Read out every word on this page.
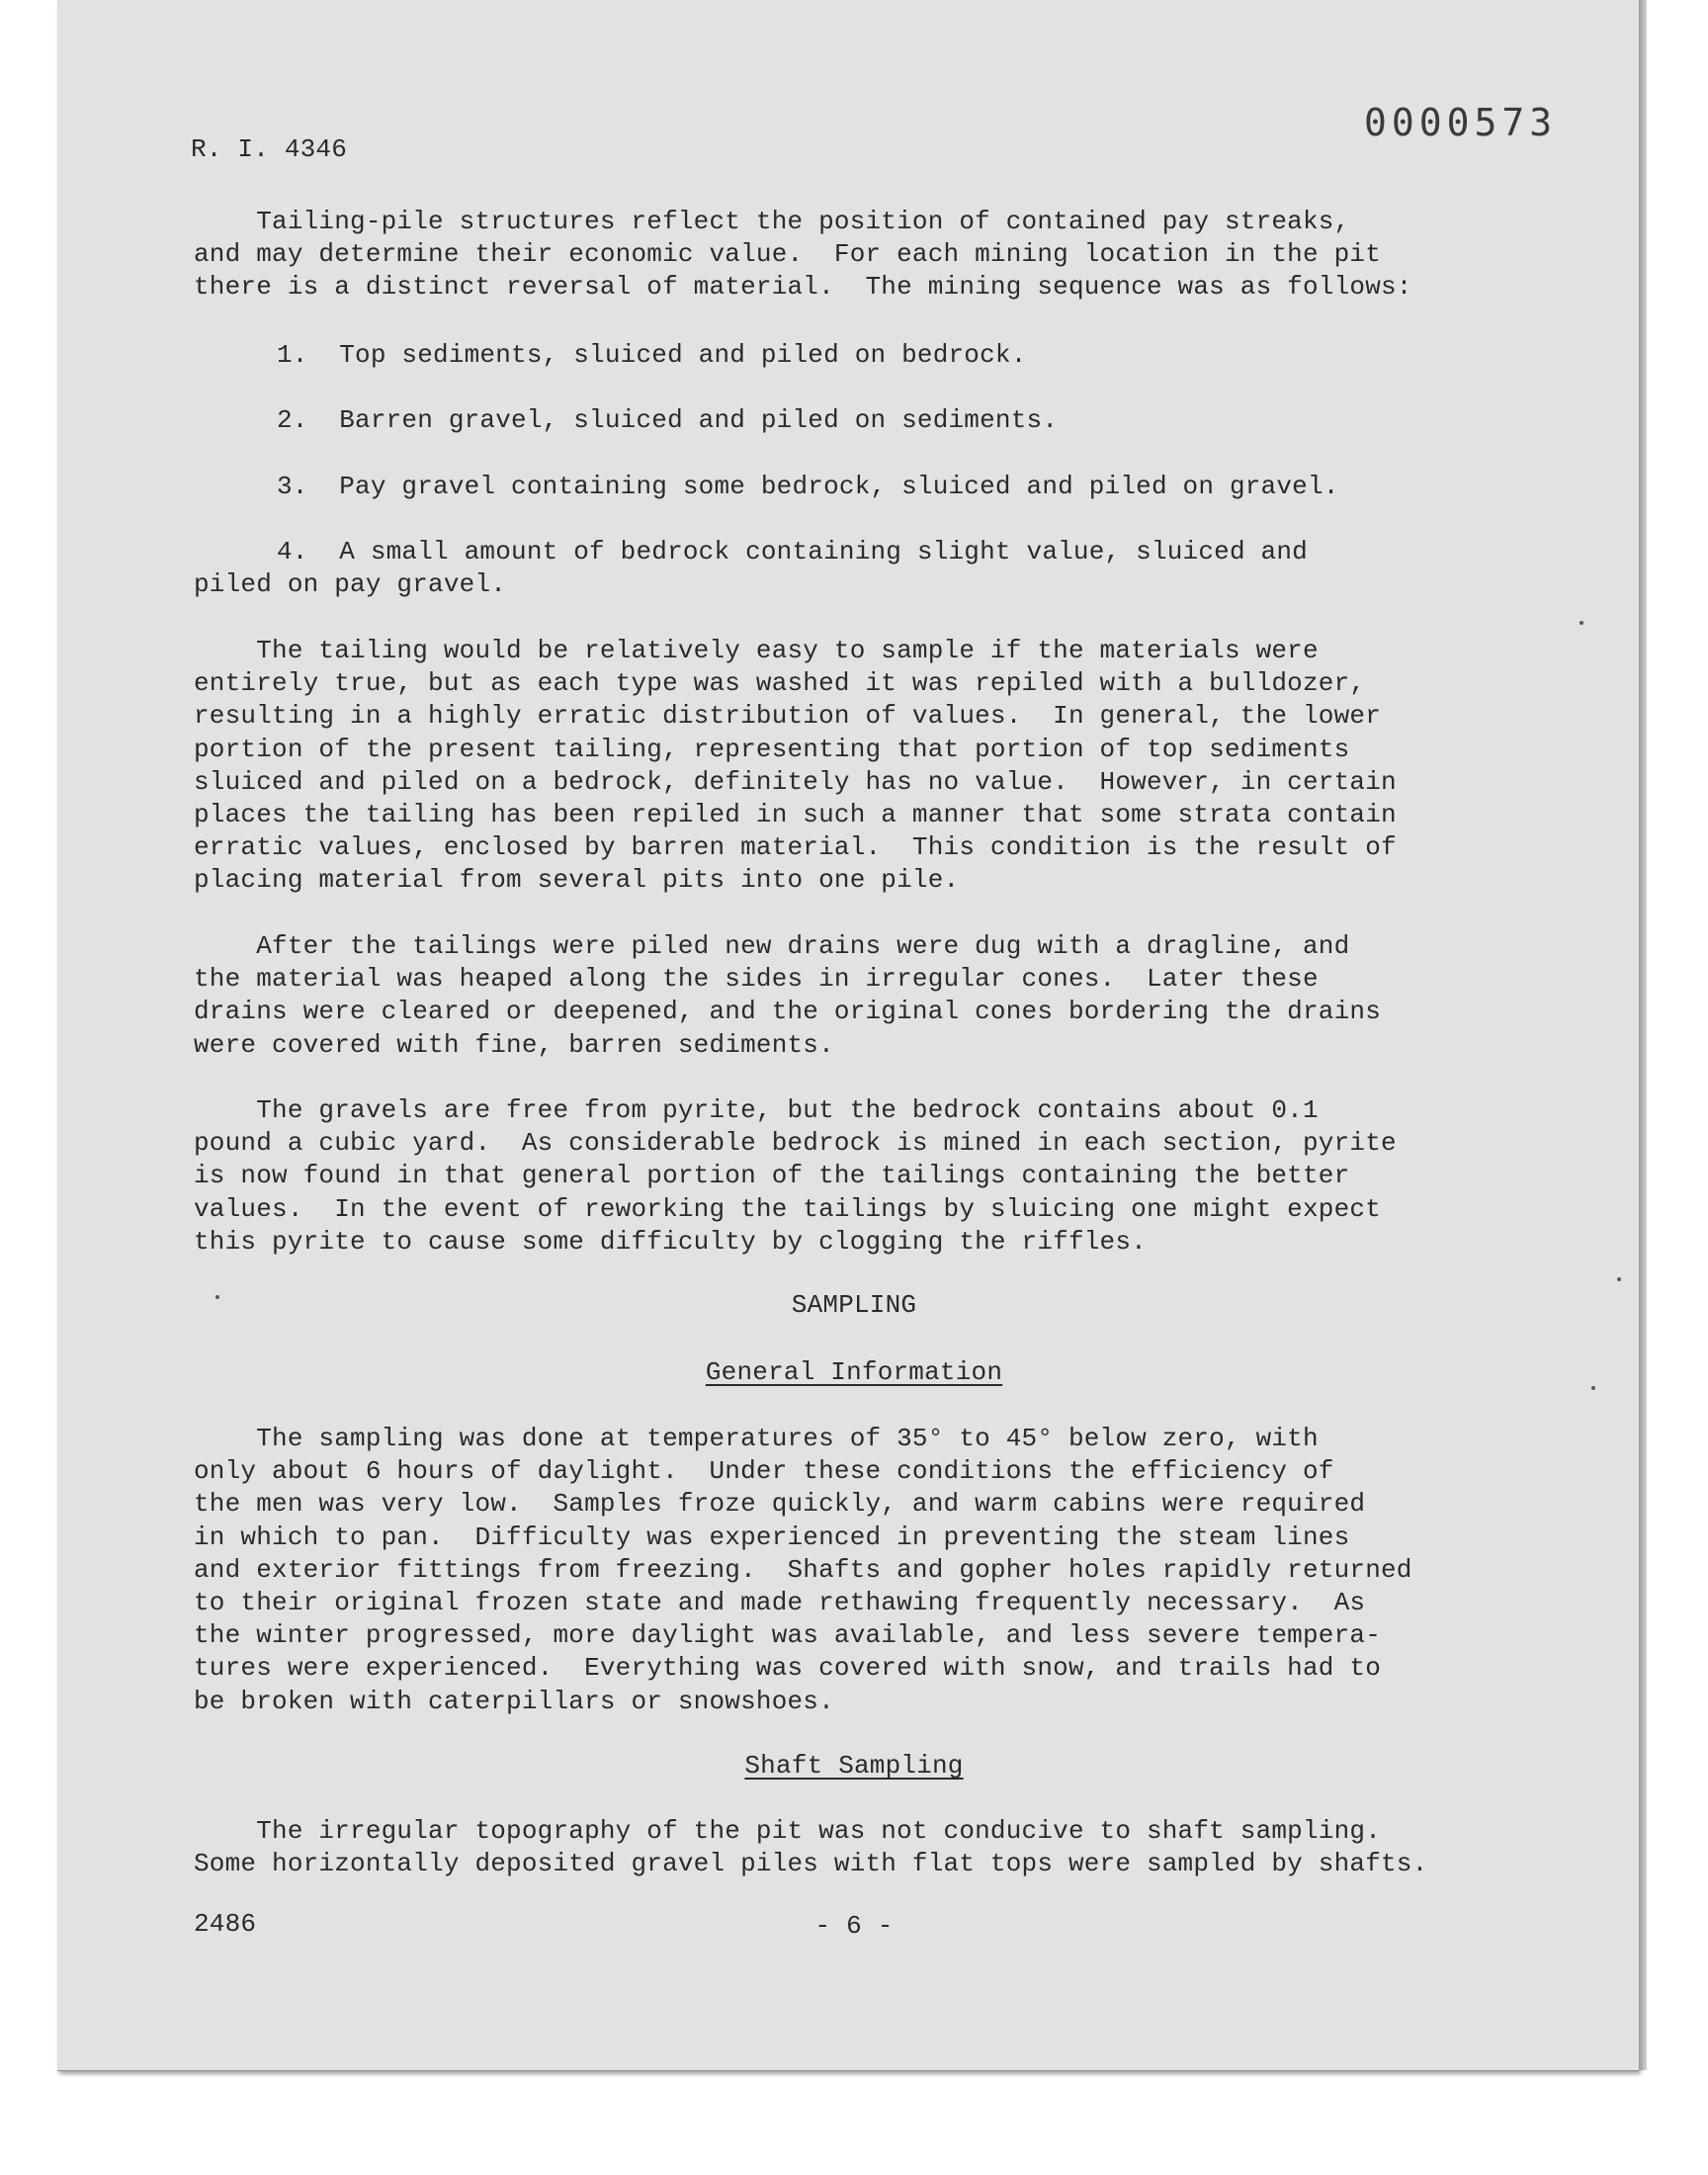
R. I. 4346
0000573
Tailing-pile structures reflect the position of contained pay streaks,
and may determine their economic value.  For each mining location in the pit
there is a distinct reversal of material.  The mining sequence was as follows:
1.  Top sediments, sluiced and piled on bedrock.
2.  Barren gravel, sluiced and piled on sediments.
3.  Pay gravel containing some bedrock, sluiced and piled on gravel.
4.  A small amount of bedrock containing slight value, sluiced and
piled on pay gravel.
The tailing would be relatively easy to sample if the materials were
entirely true, but as each type was washed it was repiled with a bulldozer,
resulting in a highly erratic distribution of values.  In general, the lower
portion of the present tailing, representing that portion of top sediments
sluiced and piled on a bedrock, definitely has no value.  However, in certain
places the tailing has been repiled in such a manner that some strata contain
erratic values, enclosed by barren material.  This condition is the result of
placing material from several pits into one pile.
After the tailings were piled new drains were dug with a dragline, and
the material was heaped along the sides in irregular cones.  Later these
drains were cleared or deepened, and the original cones bordering the drains
were covered with fine, barren sediments.
The gravels are free from pyrite, but the bedrock contains about 0.1
pound a cubic yard.  As considerable bedrock is mined in each section, pyrite
is now found in that general portion of the tailings containing the better
values.  In the event of reworking the tailings by sluicing one might expect
this pyrite to cause some difficulty by clogging the riffles.
SAMPLING
General Information
The sampling was done at temperatures of 35° to 45° below zero, with
only about 6 hours of daylight.  Under these conditions the efficiency of
the men was very low.  Samples froze quickly, and warm cabins were required
in which to pan.  Difficulty was experienced in preventing the steam lines
and exterior fittings from freezing.  Shafts and gopher holes rapidly returned
to their original frozen state and made rethawing frequently necessary.  As
the winter progressed, more daylight was available, and less severe tempera-
tures were experienced.  Everything was covered with snow, and trails had to
be broken with caterpillars or snowshoes.
Shaft Sampling
The irregular topography of the pit was not conducive to shaft sampling.
Some horizontally deposited gravel piles with flat tops were sampled by shafts.
2486	- 6 -
